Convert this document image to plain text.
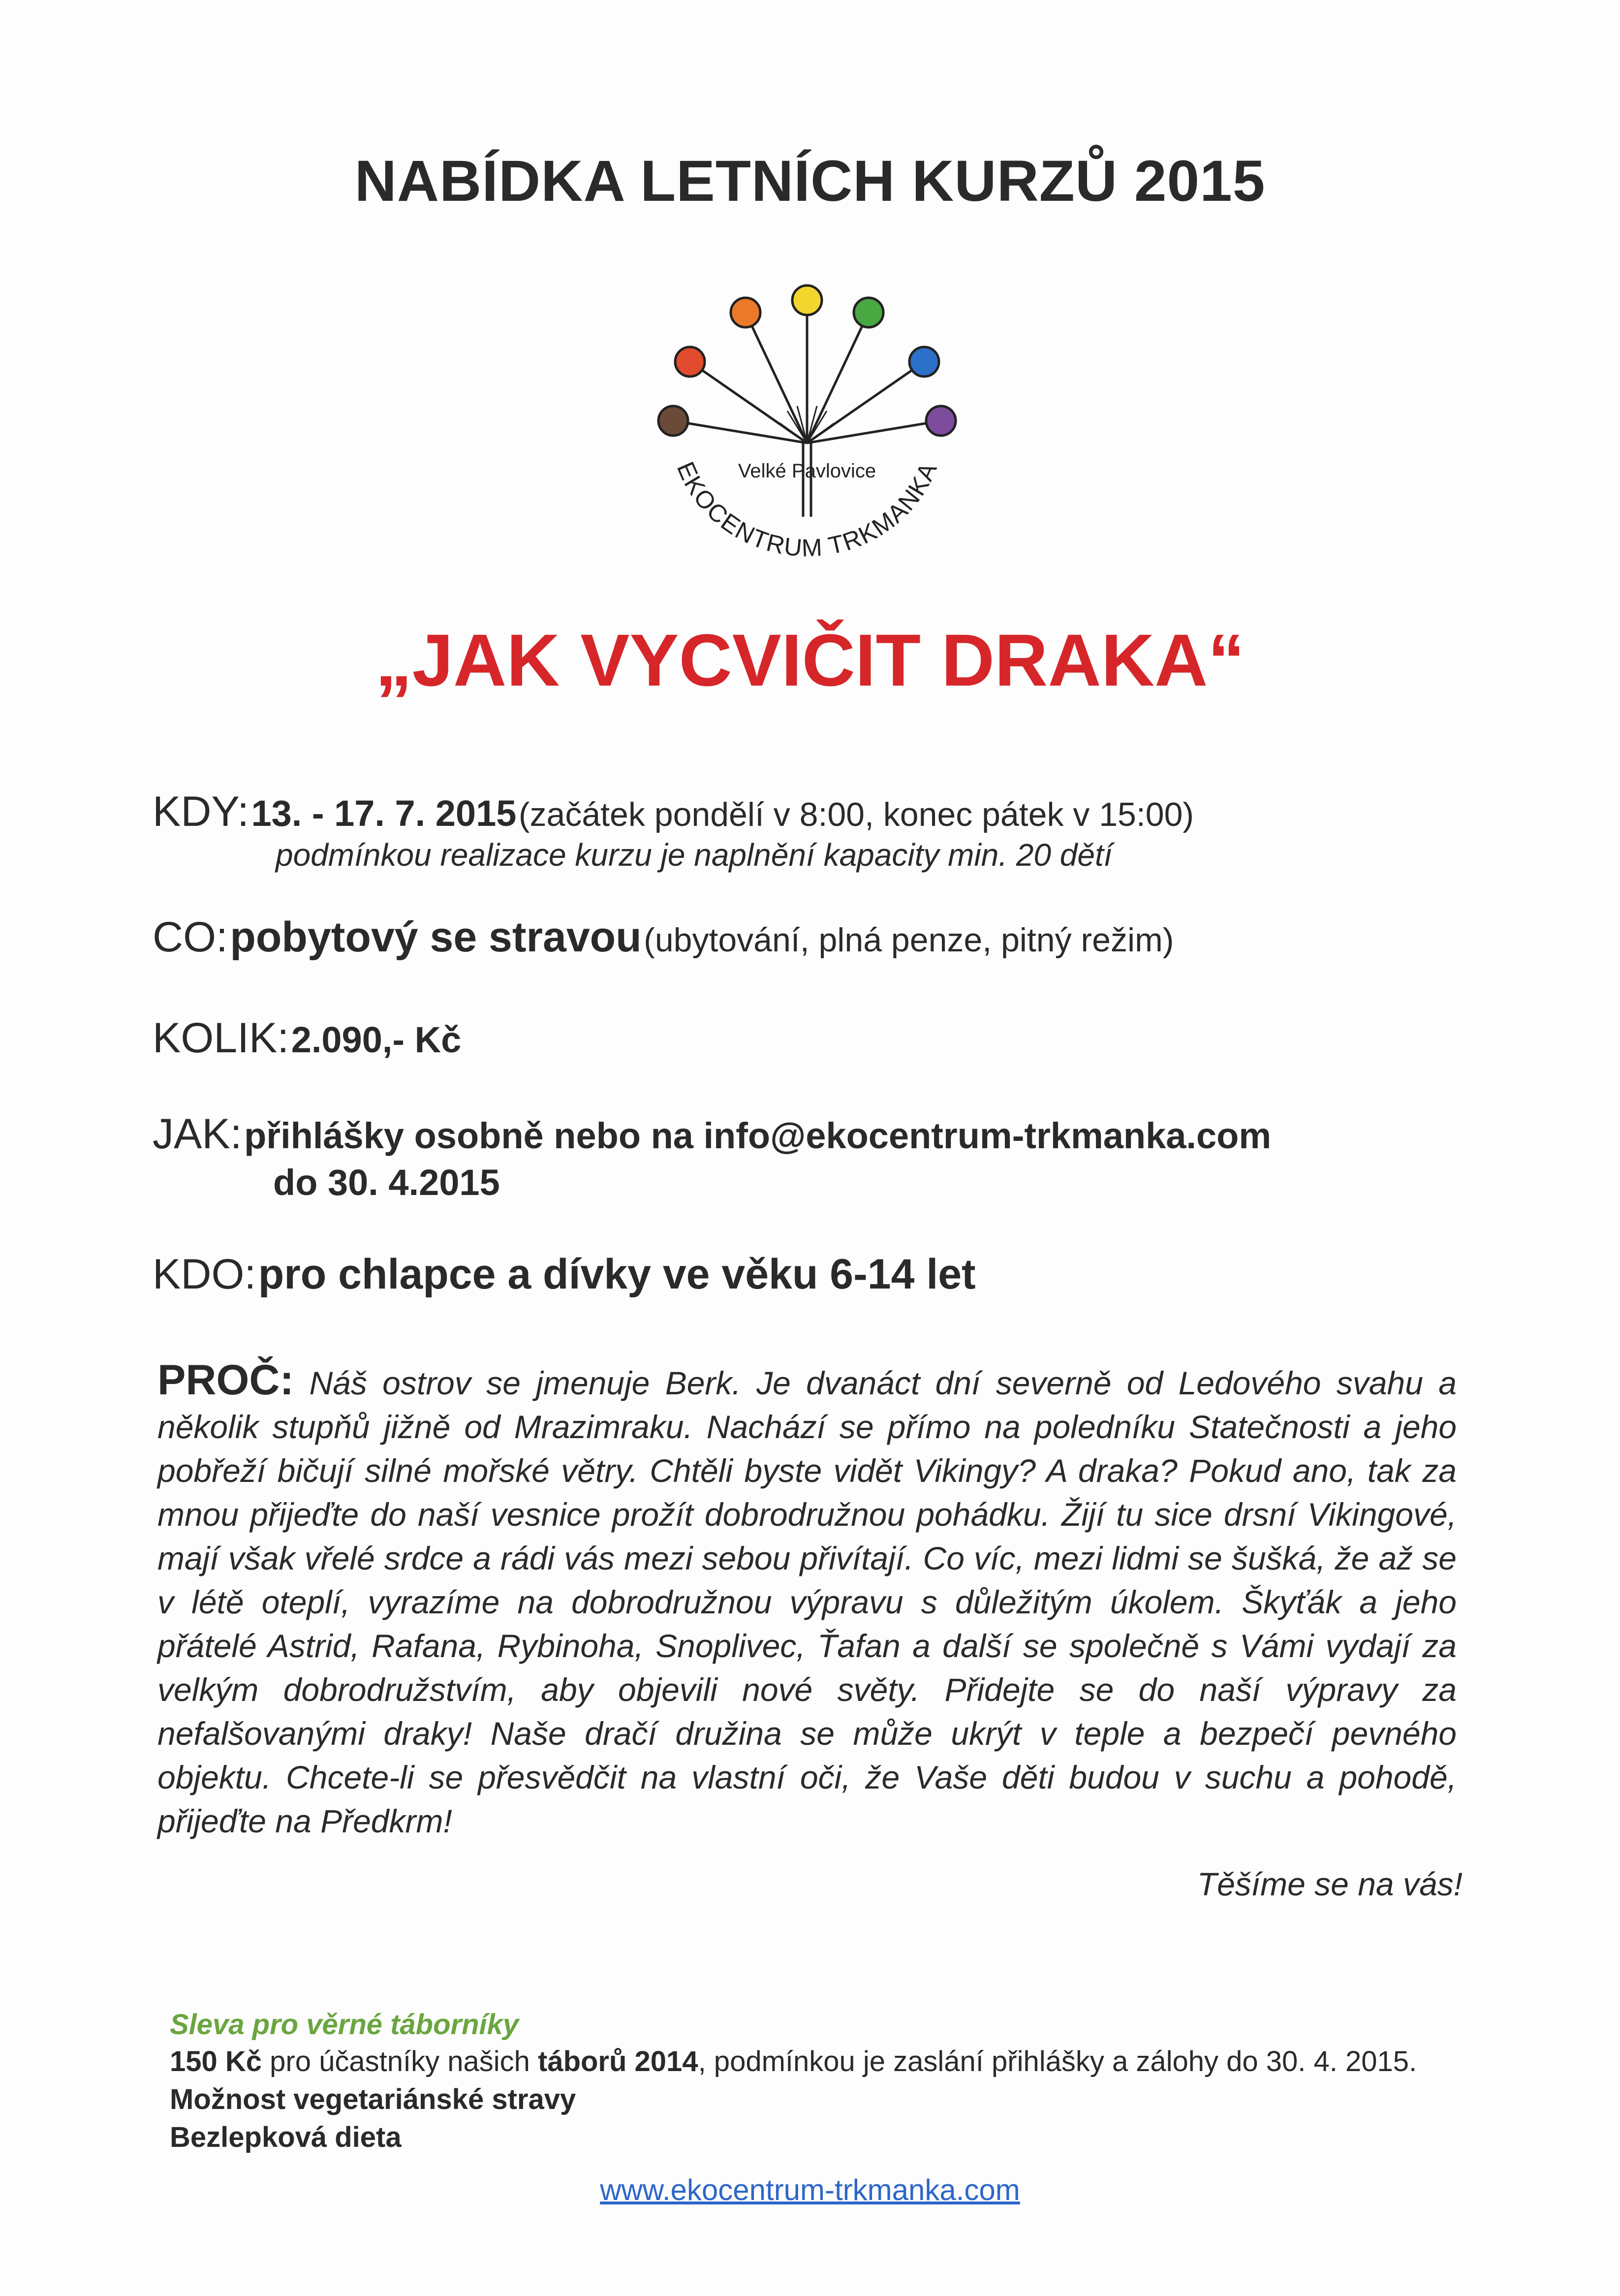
NABÍDKA LETNÍCH KURZŮ 2015
Velké Pavlovice
EKOCENTRUM TRKMANKA
„JAK VYCVIČIT DRAKA“
KDY: 13. - 17. 7. 2015 (začátek pondělí v 8:00, konec pátek v 15:00)
podmínkou realizace kurzu je naplnění kapacity min. 20 dětí
CO: pobytový se stravou (ubytování, plná penze, pitný režim)
KOLIK: 2.090,- Kč
JAK: přihlášky osobně nebo na info@ekocentrum-trkmanka.com
do 30. 4.2015
KDO: pro chlapce a dívky ve věku 6-14 let
PROČ: Náš ostrov se jmenuje Berk. Je dvanáct dní severně od Ledového svahu a několik stupňů jižně od Mrazimraku. Nachází se přímo na poledníku Statečnosti a jeho pobřeží bičují silné mořské větry. Chtěli byste vidět Vikingy? A draka? Pokud ano, tak za mnou přijeďte do naší vesnice prožít dobrodružnou pohádku. Žijí tu sice drsní Vikingové, mají však vřelé srdce a rádi vás mezi sebou přivítají. Co víc, mezi lidmi se šušká, že až se v létě oteplí, vyrazíme na dobrodružnou výpravu s důležitým úkolem. Škyťák a jeho přátelé Astrid, Rafana, Rybinoha, Snoplivec, Ťafan a další se společně s Vámi vydají za velkým dobrodružstvím, aby objevili nové světy. Přidejte se do naší výpravy za nefalšovanými draky! Naše dračí družina se může ukrýt v teple a bezpečí pevného objektu. Chcete-li se přesvědčit na vlastní oči, že Vaše děti budou v suchu a pohodě, přijeďte na Předkrm!
Těšíme se na vás!
Sleva pro věrné táborníky
150 Kč pro účastníky našich táborů 2014, podmínkou je zaslání přihlášky a zálohy do 30. 4. 2015.
Možnost vegetariánské stravy
Bezlepková dieta
www.ekocentrum-trkmanka.com
